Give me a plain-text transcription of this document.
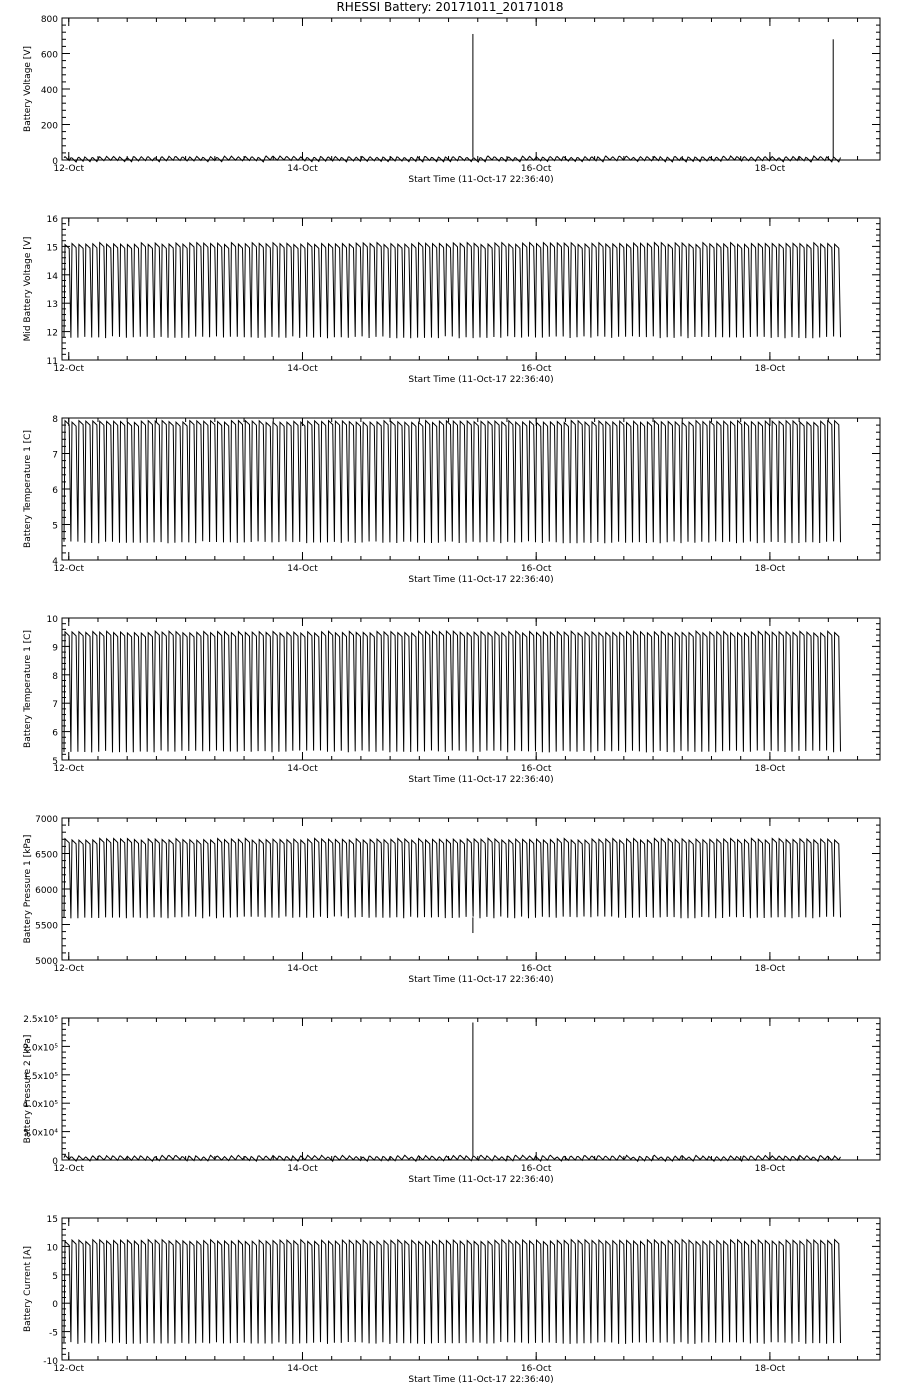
RHESSI Battery: 20171011_20171018
0
200
400
600
800
12-Oct	14-Oct	16-Oct	18-Oct
Start Time (11-Oct-17 22:36:40)
Battery Voltage [V]
11
12
13
14
15
16
12-Oct	14-Oct	16-Oct	18-Oct
Start Time (11-Oct-17 22:36:40)
Mid Battery Voltage [V]
4
5
6
7
8
12-Oct	14-Oct	16-Oct	18-Oct
Start Time (11-Oct-17 22:36:40)
Battery Temperature 1 [C]
5
6
7
8
9
10
12-Oct	14-Oct	16-Oct	18-Oct
Start Time (11-Oct-17 22:36:40)
Battery Temperature 1 [C]
5000
5500
6000
6500
7000
12-Oct	14-Oct	16-Oct	18-Oct
Start Time (11-Oct-17 22:36:40)
Battery Pressure 1 [kPa]
0
5.0x10⁴
1.0x10⁵
1.5x10⁵
2.0x10⁵
2.5x10⁵
12-Oct	14-Oct	16-Oct	18-Oct
Start Time (11-Oct-17 22:36:40)
Battery Pressure 2 [kPa]
-10
-5
0
5
10
15
12-Oct	14-Oct	16-Oct	18-Oct
Start Time (11-Oct-17 22:36:40)
Battery Current [A]
